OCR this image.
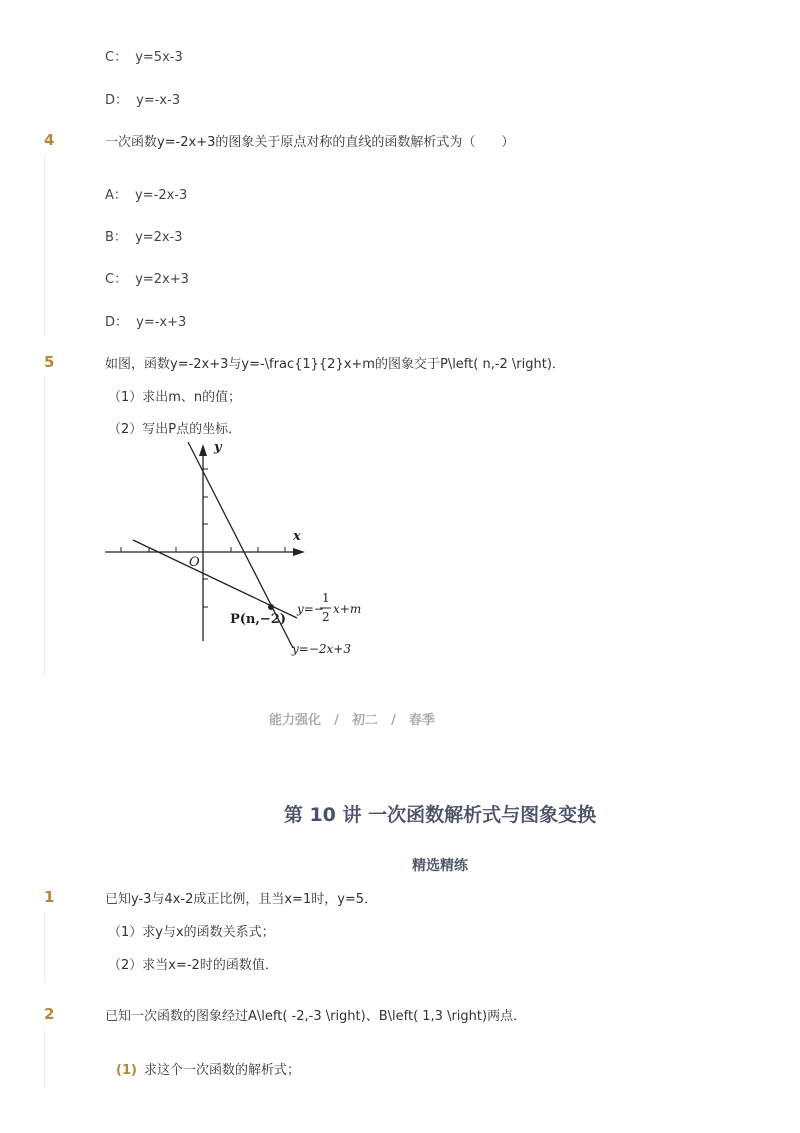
C： y=5x-3
D： y=-x-3
4	一次函数y=-2x+3的图象关于原点对称的直线的函数解析式为（　　）
A： y=-2x-3
B： y=2x-3
C： y=2x+3
D： y=-x+3
5	如图，函数y=-2x+3与y=-\frac{1}{2}x+m的图象交于P\left( n,-2 \right)．
（1）求出m、n的值；
（2）写出P点的坐标．
y
x
O
P(n,−2)
y=−
1
2
x+m
y=−2x+3
能力强化 / 初二 / 春季
第 10 讲 一次函数解析式与图象变换
精选精练
1	已知y-3与4x-2成正比例，且当x=1时，y=5．
（1）求y与x的函数关系式；
（2）求当x=-2时的函数值．
2	已知一次函数的图象经过A\left( -2,-3 \right)、B\left( 1,3 \right)两点．
(1) 求这个一次函数的解析式；
